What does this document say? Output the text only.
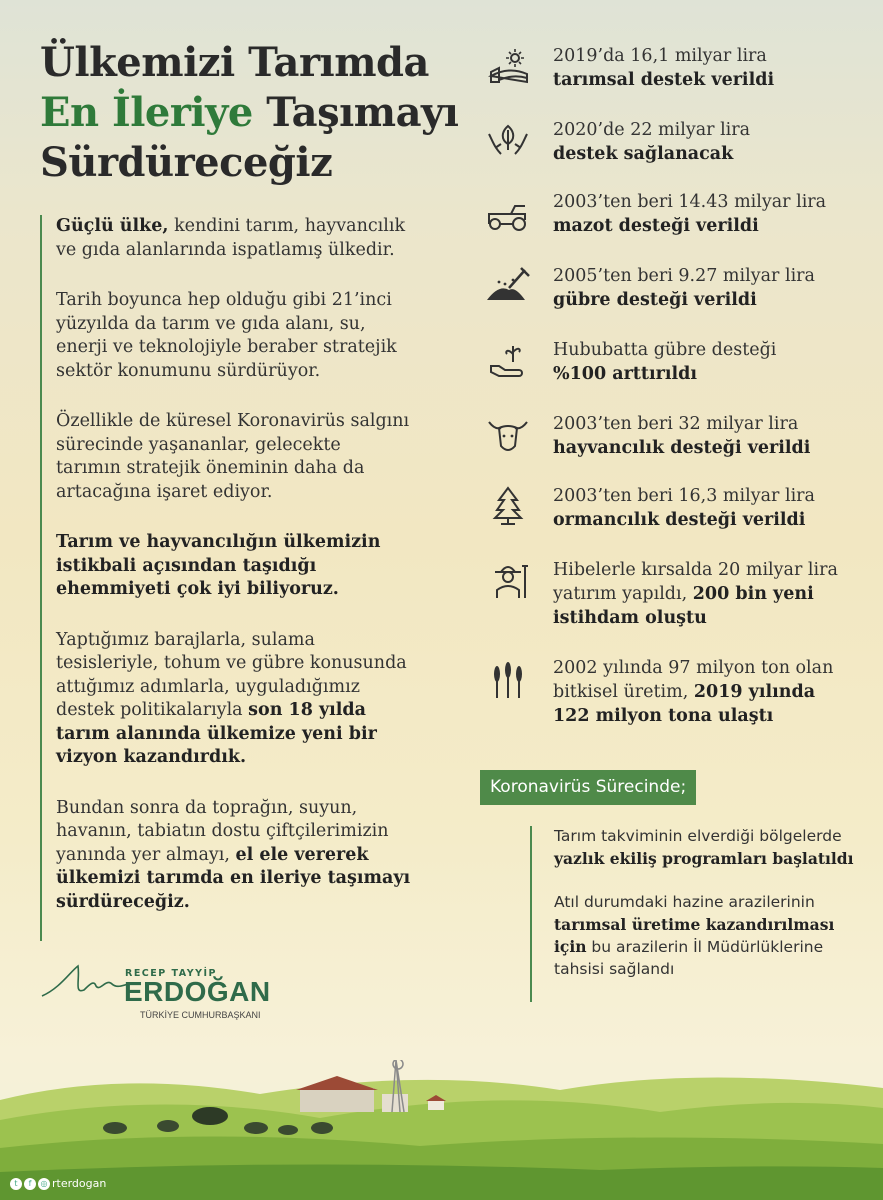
Ülkemizi Tarımda
En İleriye Taşımayı
Sürdüreceğiz

Güçlü ülke, kendini tarım, hayvancılık ve gıda alanlarında ispatlamış ülkedir.

Tarih boyunca hep olduğu gibi 21’inci yüzyılda da tarım ve gıda alanı, su, enerji ve teknolojiyle beraber stratejik sektör konumunu sürdürüyor.

Özellikle de küresel Koronavirüs salgını sürecinde yaşananlar, gelecekte tarımın stratejik öneminin daha da artacağına işaret ediyor.

Tarım ve hayvancılığın ülkemizin istikbali açısından taşıdığı ehemmiyeti çok iyi biliyoruz.

Yaptığımız barajlarla, sulama tesisleriyle, tohum ve gübre konusunda attığımız adımlarla, uyguladığımız destek politikalarıyla son 18 yılda tarım alanında ülkemize yeni bir vizyon kazandırdık.

Bundan sonra da toprağın, suyun, havanın, tabiatın dostu çiftçilerimizin yanında yer almayı, el ele vererek ülkemizi tarımda en ileriye taşımayı sürdüreceğiz.

RECEP TAYYİP
ERDOĞAN
TÜRKİYE CUMHURBAŞKANI
2019’da 16,1 milyar lira
tarımsal destek verildi
2020’de 22 milyar lira
destek sağlanacak
2003’ten beri 14.43 milyar lira
mazot desteği verildi
2005’ten beri 9.27 milyar lira
gübre desteği verildi
Hububatta gübre desteği
%100 arttırıldı
2003’ten beri 32 milyar lira
hayvancılık desteği verildi
2003’ten beri 16,3 milyar lira
ormancılık desteği verildi
Hibelerle kırsalda 20 milyar lira yatırım yapıldı, 200 bin yeni istihdam oluştu
2002 yılında 97 milyon ton olan bitkisel üretim, 2019 yılında 122 milyon tona ulaştı
Koronavirüs Sürecinde;

Tarım takviminin elverdiği bölgelerde yazlık ekiliş programları başlatıldı

Atıl durumdaki hazine arazilerinin tarımsal üretime kazandırılması için bu arazilerin İl Müdürlüklerine tahsisi sağlandı

t f ◎ rterdogan
